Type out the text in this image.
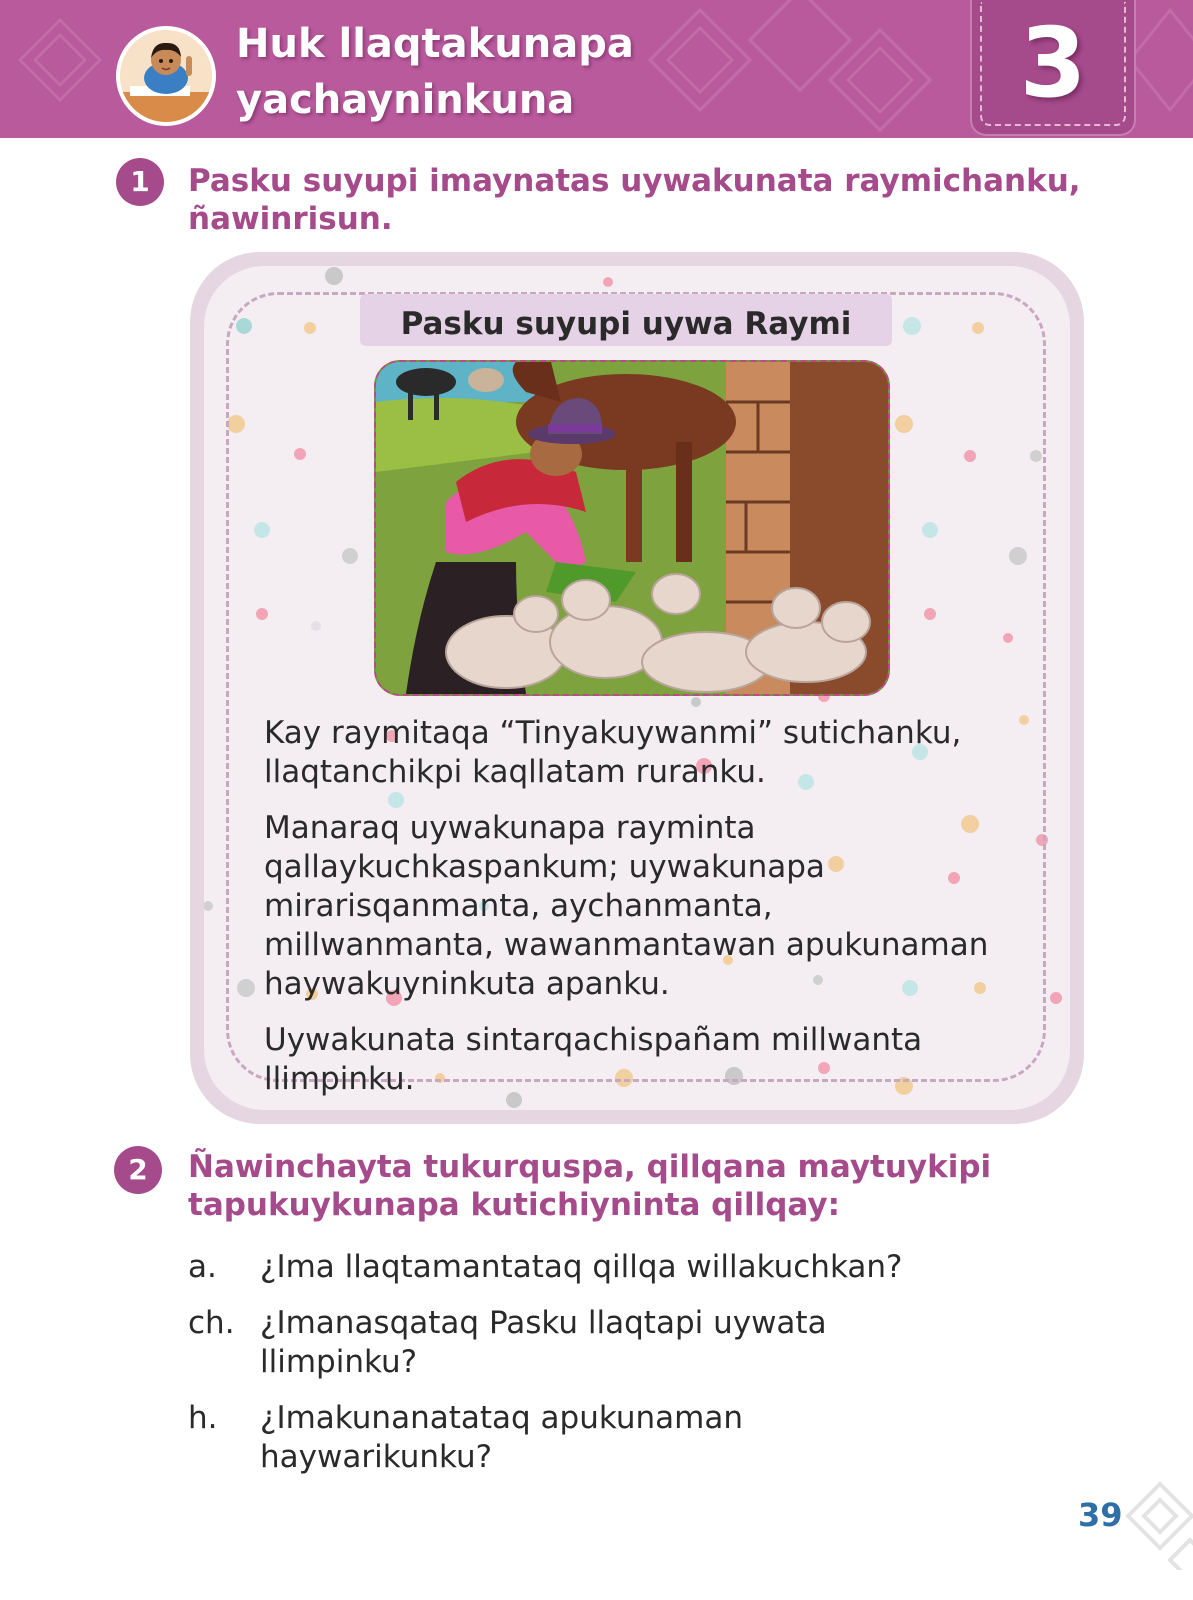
Huk llaqtakunapa
yachayninkuna	3
1	Pasku suyupi imaynatas uywakunata raymichanku,
ñawinrisun.
Pasku suyupi uywa Raymi

Kay raymitaqa “Tinyakuywanmi” sutichanku,
llaqtanchikpi kaqllatam ruranku.

Manaraq uywakunapa rayminta
qallaykuchkaspankum; uywakunapa
mirarisqanmanta, aychanmanta,
millwanmanta, wawanmantawan apukunaman
haywakuyninkuta apanku.

Uywakunata sintarqachispañam millwanta
llimpinku.

2	Ñawinchayta tukurquspa, qillqana maytuykipi
tapukuykunapa kutichiyninta qillqay:
a. ¿Ima llaqtamantataq qillqa willakuchkan?
ch. ¿Imanasqataq Pasku llaqtapi uywata
llimpinku?
h. ¿Imakunanatataq apukunaman
haywarikunku?
39
